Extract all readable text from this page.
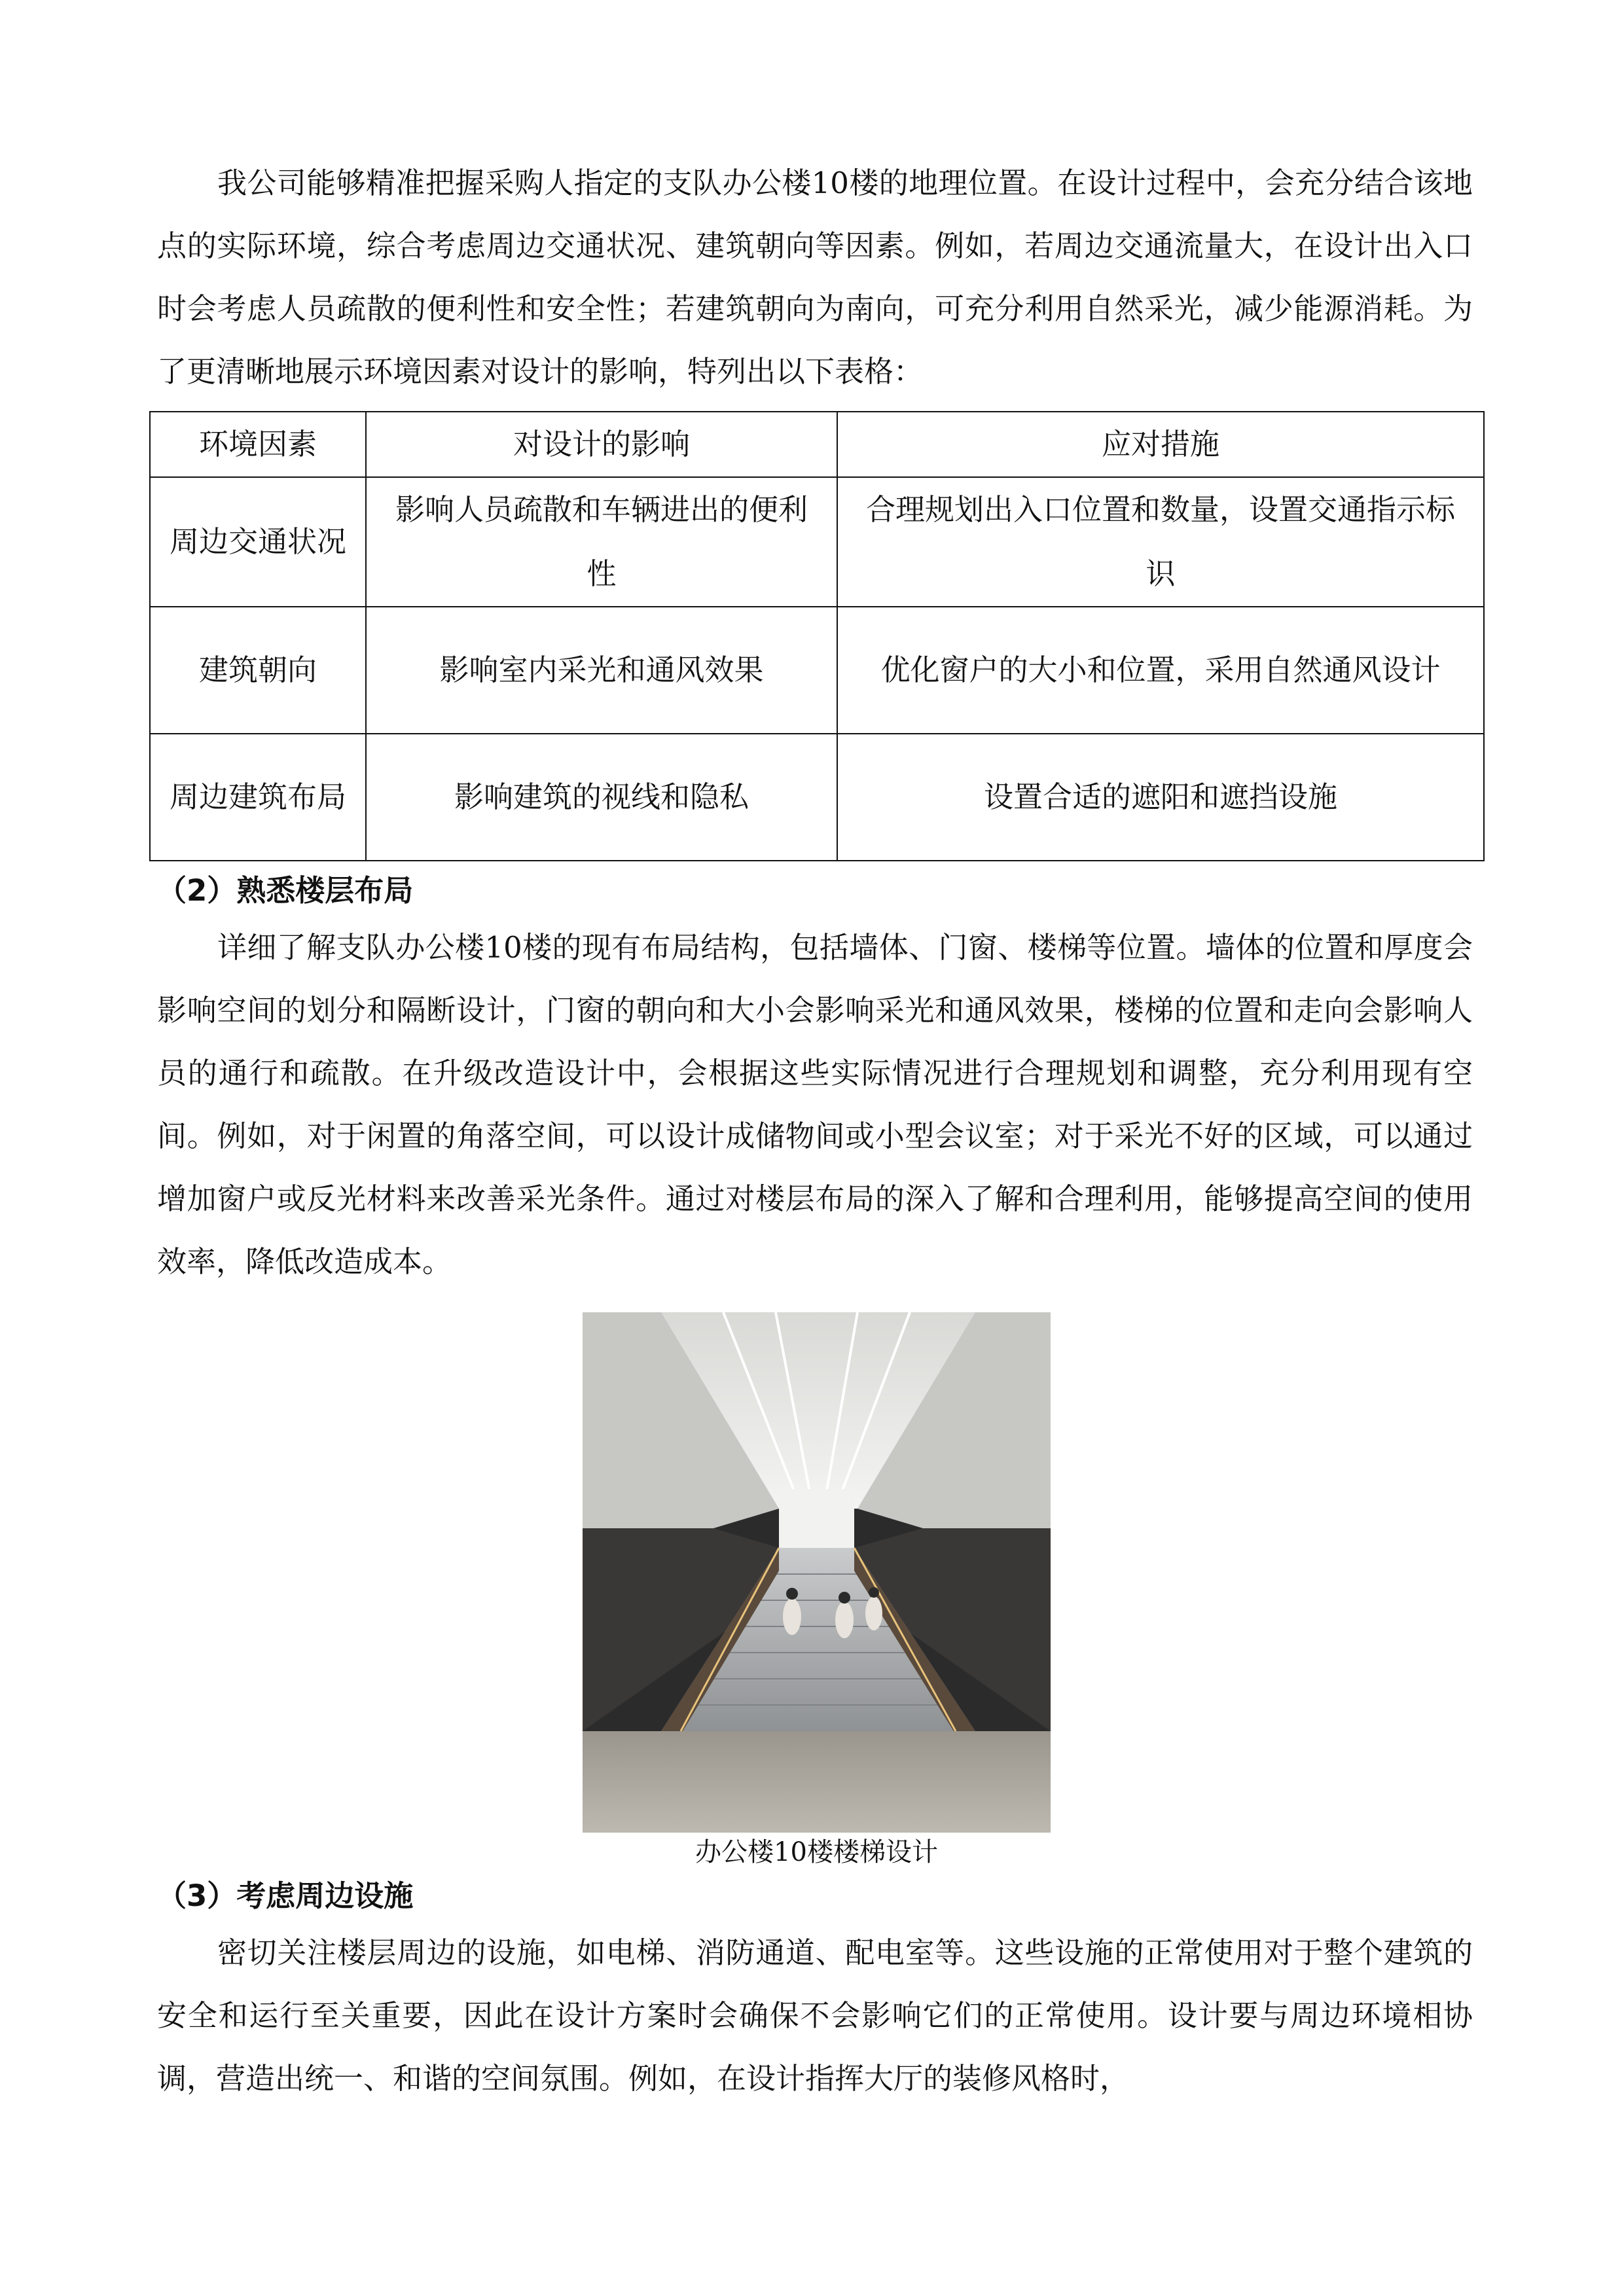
我公司能够精准把握采购人指定的支队办公楼10楼的地理位置。在设计过程中，会充分结合该地点的实际环境，综合考虑周边交通状况、建筑朝向等因素。例如，若周边交通流量大，在设计出入口时会考虑人员疏散的便利性和安全性；若建筑朝向为南向，可充分利用自然采光，减少能源消耗。为了更清晰地展示环境因素对设计的影响，特列出以下表格：

环境因素	对设计的影响	应对措施
周边交通状况	影响人员疏散和车辆进出的便利性	合理规划出入口位置和数量，设置交通指示标识
建筑朝向	影响室内采光和通风效果	优化窗户的大小和位置，采用自然通风设计
周边建筑布局	影响建筑的视线和隐私	设置合适的遮阳和遮挡设施
（2）熟悉楼层布局

详细了解支队办公楼10楼的现有布局结构，包括墙体、门窗、楼梯等位置。墙体的位置和厚度会影响空间的划分和隔断设计，门窗的朝向和大小会影响采光和通风效果，楼梯的位置和走向会影响人员的通行和疏散。在升级改造设计中，会根据这些实际情况进行合理规划和调整，充分利用现有空间。例如，对于闲置的角落空间，可以设计成储物间或小型会议室；对于采光不好的区域，可以通过增加窗户或反光材料来改善采光条件。通过对楼层布局的深入了解和合理利用，能够提高空间的使用效率，降低改造成本。

办公楼10楼楼梯设计
（3）考虑周边设施

密切关注楼层周边的设施，如电梯、消防通道、配电室等。这些设施的正常使用对于整个建筑的安全和运行至关重要，因此在设计方案时会确保不会影响它们的正常使用。设计要与周边环境相协调，营造出统一、和谐的空间氛围。例如，在设计指挥大厅的装修风格时，
